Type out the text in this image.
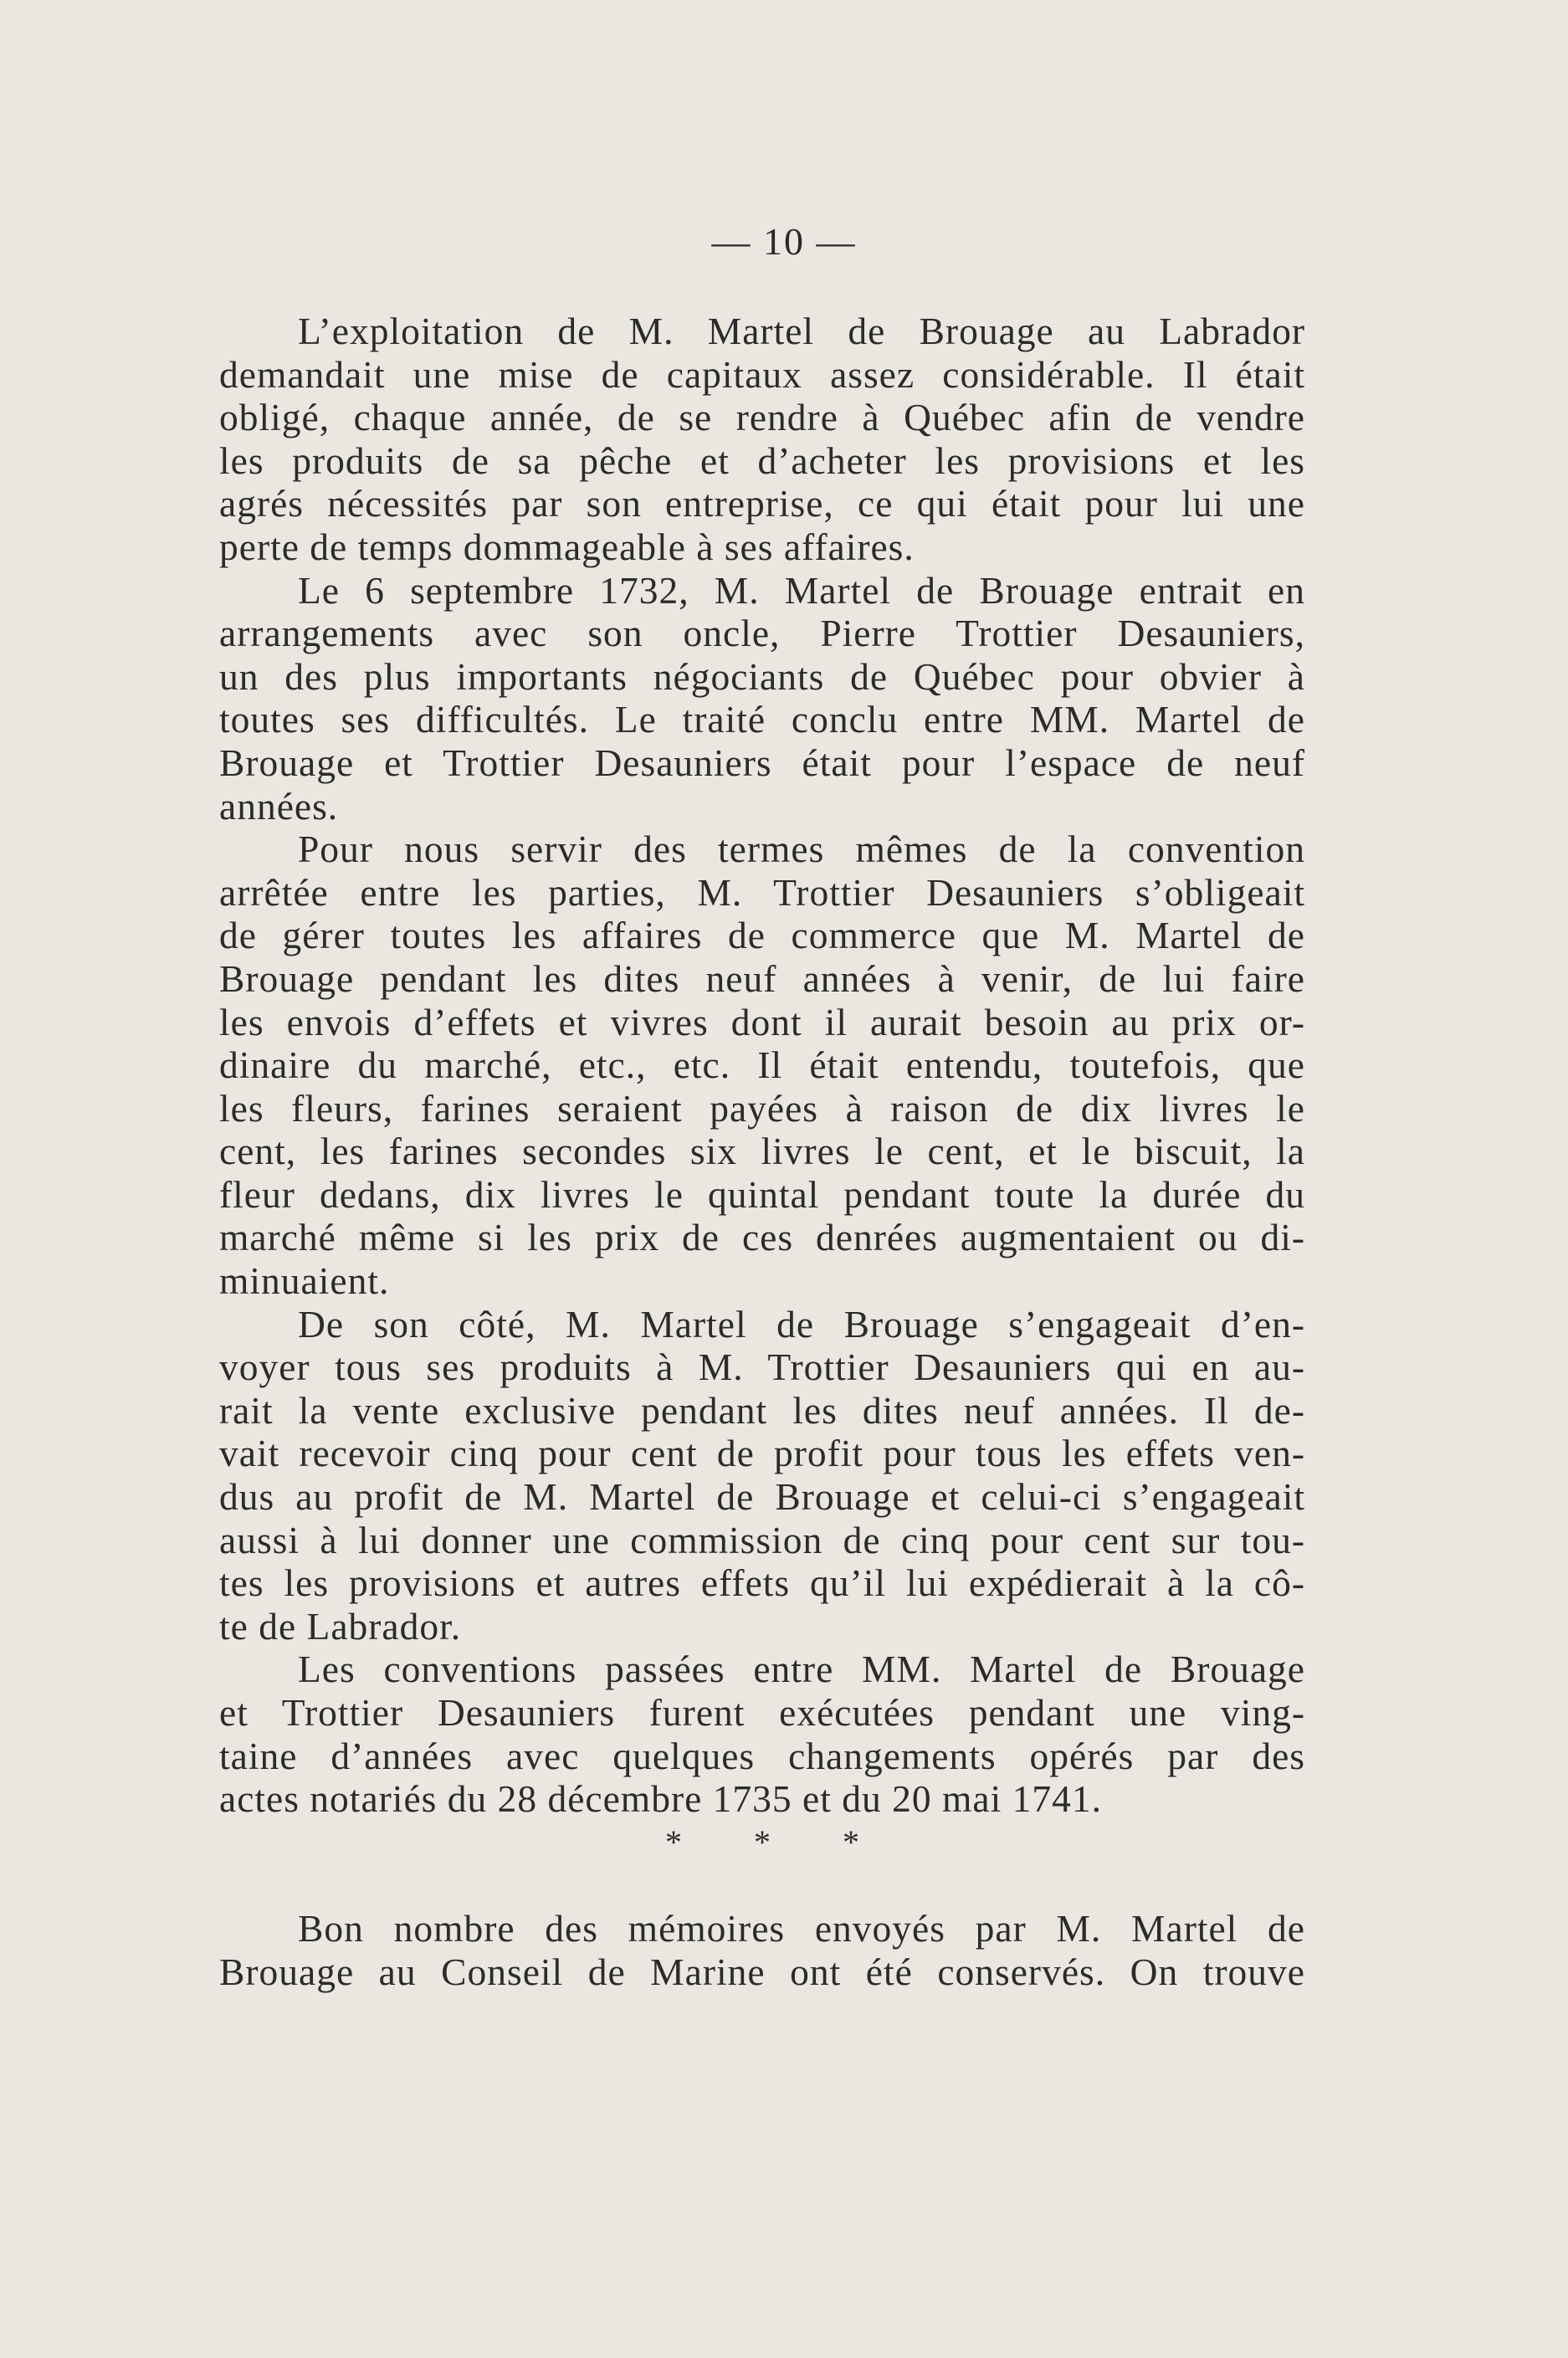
— 10 —
L’exploitation de M. Martel de Brouage au Labrador
demandait une mise de capitaux assez considérable. Il était
obligé, chaque année, de se rendre à Québec afin de vendre
les produits de sa pêche et d’acheter les provisions et les
agrés nécessités par son entreprise, ce qui était pour lui une
perte de temps dommageable à ses affaires.
Le 6 septembre 1732, M. Martel de Brouage entrait en
arrangements avec son oncle, Pierre Trottier Desauniers,
un des plus importants négociants de Québec pour obvier à
toutes ses difficultés. Le traité conclu entre MM. Martel de
Brouage et Trottier Desauniers était pour l’espace de neuf
années.
Pour nous servir des termes mêmes de la convention
arrêtée entre les parties, M. Trottier Desauniers s’obligeait
de gérer toutes les affaires de commerce que M. Martel de
Brouage pendant les dites neuf années à venir, de lui faire
les envois d’effets et vivres dont il aurait besoin au prix or-
dinaire du marché, etc., etc. Il était entendu, toutefois, que
les fleurs, farines seraient payées à raison de dix livres le
cent, les farines secondes six livres le cent, et le biscuit, la
fleur dedans, dix livres le quintal pendant toute la durée du
marché même si les prix de ces denrées augmentaient ou di-
minuaient.
De son côté, M. Martel de Brouage s’engageait d’en-
voyer tous ses produits à M. Trottier Desauniers qui en au-
rait la vente exclusive pendant les dites neuf années. Il de-
vait recevoir cinq pour cent de profit pour tous les effets ven-
dus au profit de M. Martel de Brouage et celui-ci s’engageait
aussi à lui donner une commission de cinq pour cent sur tou-
tes les provisions et autres effets qu’il lui expédierait à la cô-
te de Labrador.
Les conventions passées entre MM. Martel de Brouage
et Trottier Desauniers furent exécutées pendant une ving-
taine d’années avec quelques changements opérés par des
actes notariés du 28 décembre 1735 et du 20 mai 1741.
* * *
Bon nombre des mémoires envoyés par M. Martel de
Brouage au Conseil de Marine ont été conservés. On trouve
